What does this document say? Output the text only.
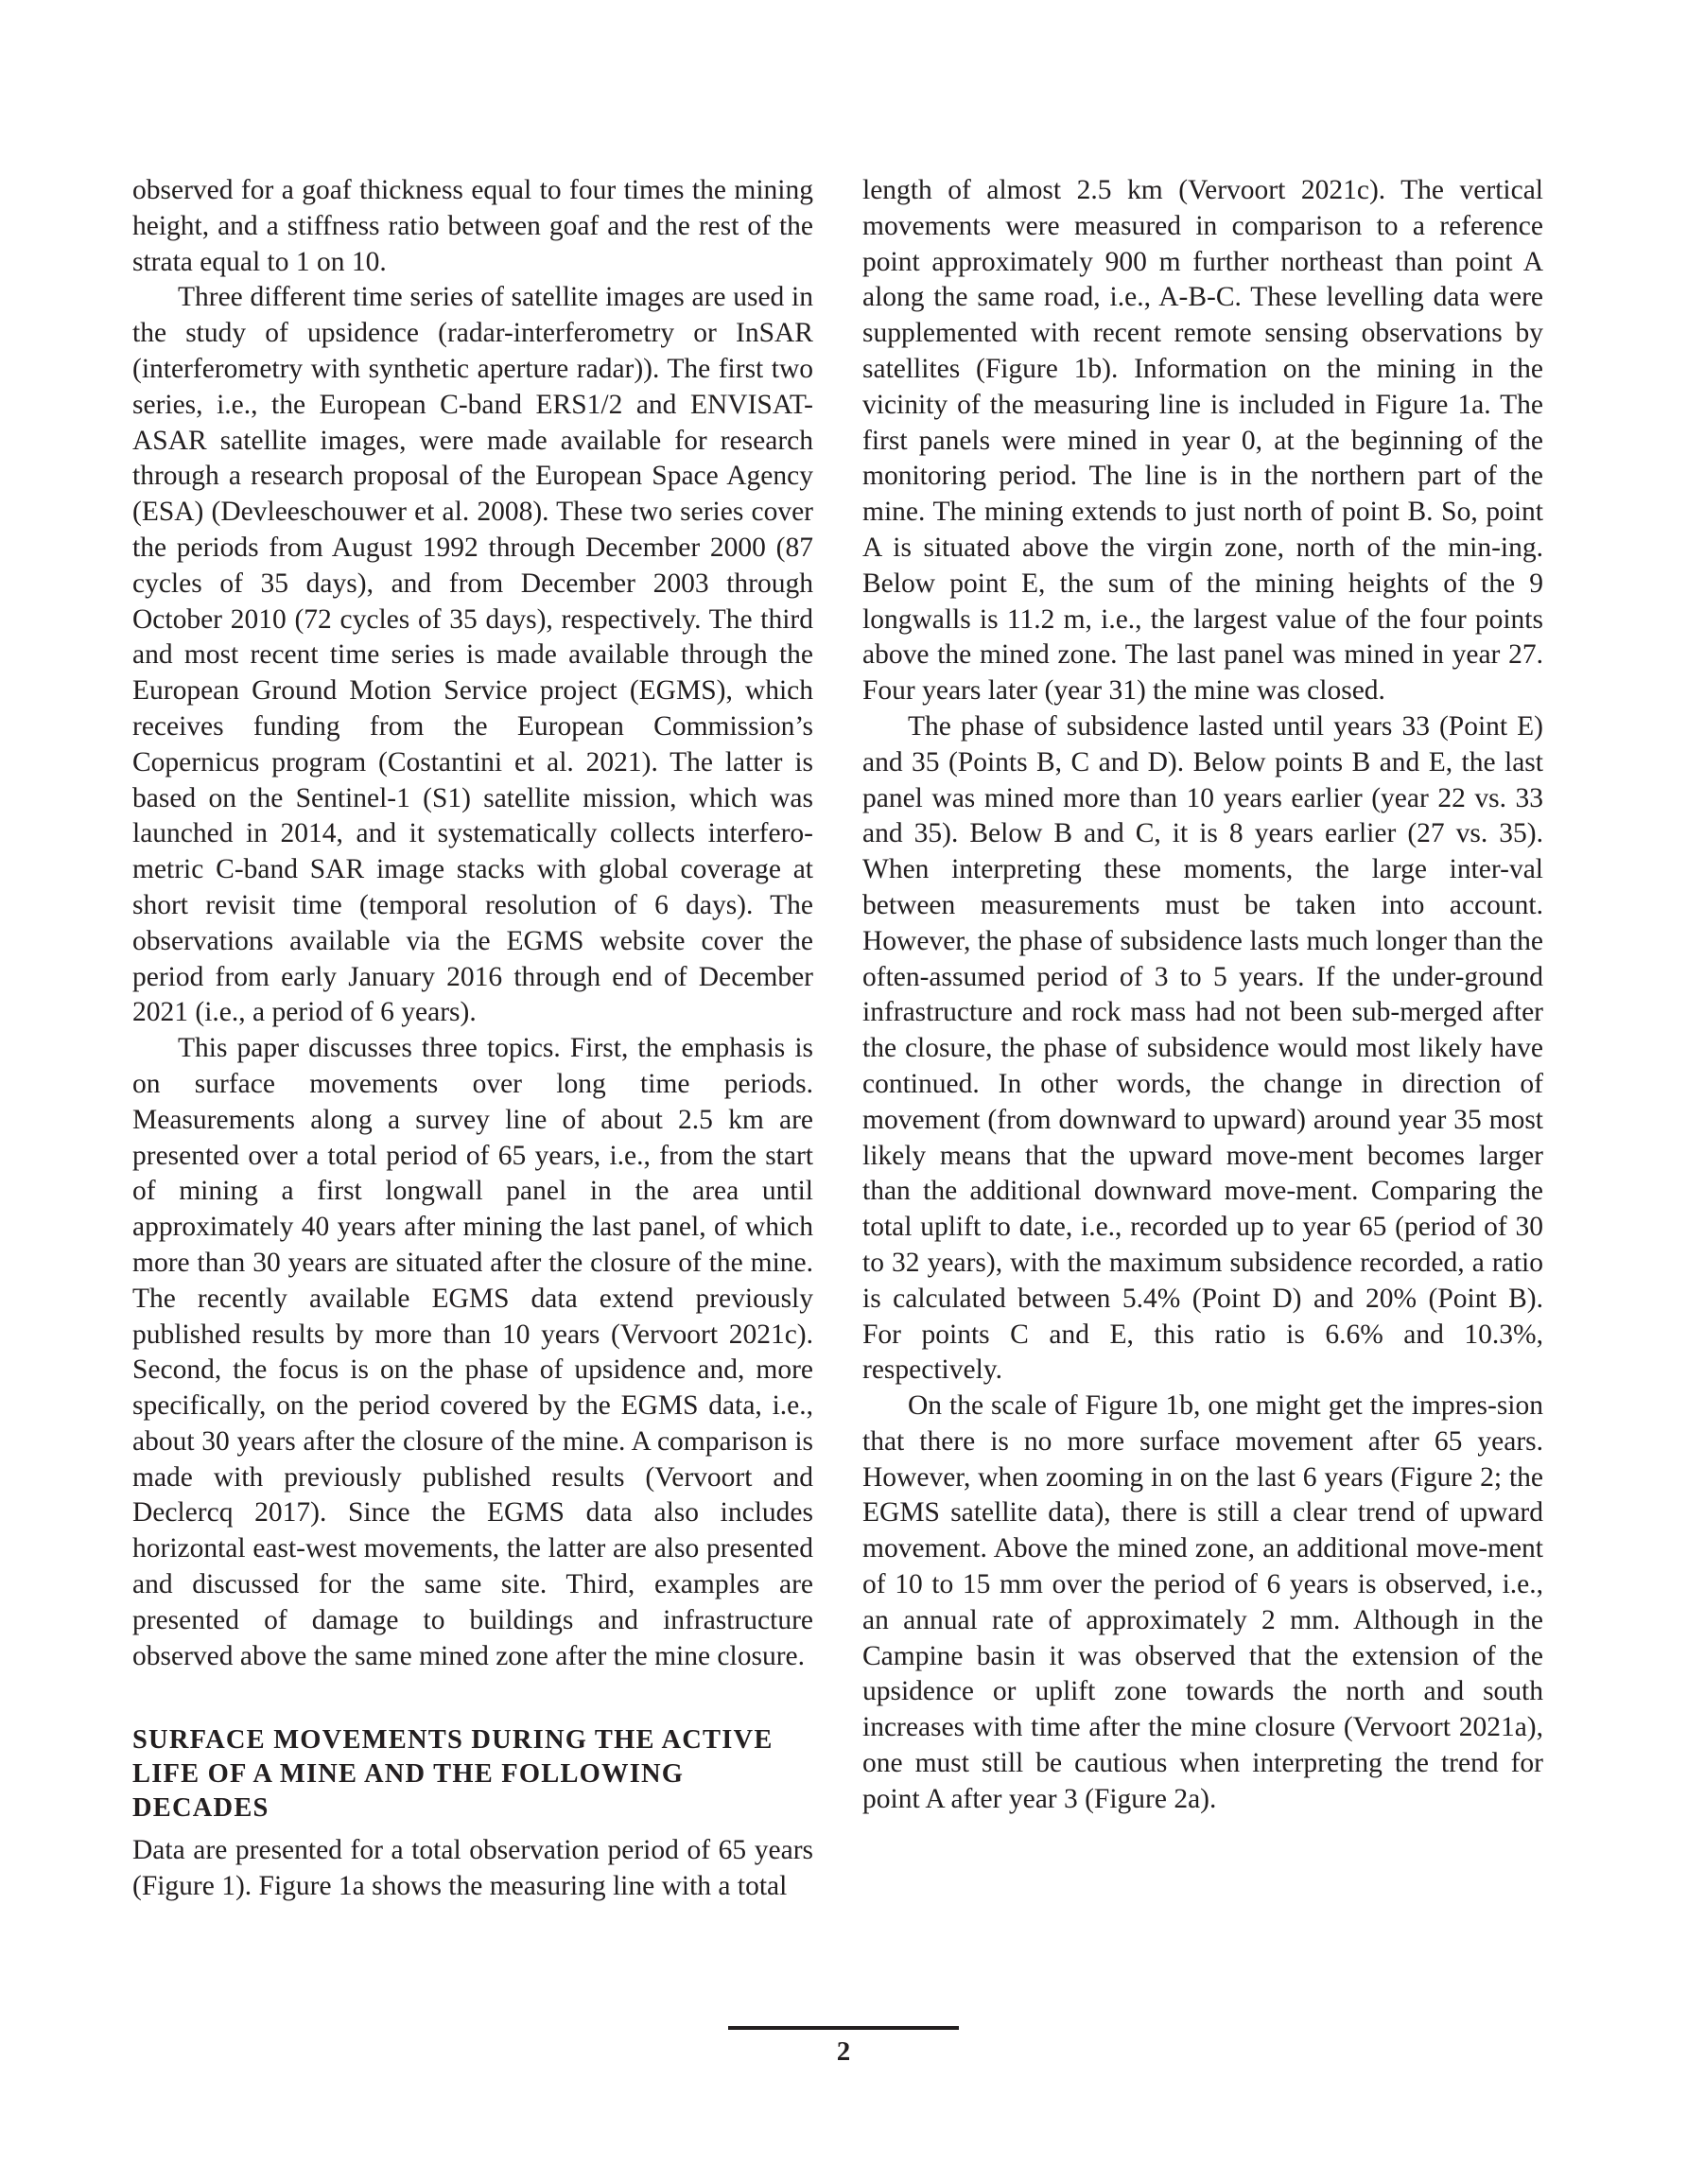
observed for a goaf thickness equal to four times the mining height, and a stiffness ratio between goaf and the rest of the strata equal to 1 on 10.

Three different time series of satellite images are used in the study of upsidence (radar-interferometry or InSAR (interferometry with synthetic aperture radar)). The first two series, i.e., the European C-band ERS1/2 and ENVISAT-ASAR satellite images, were made available for research through a research proposal of the European Space Agency (ESA) (Devleeschouwer et al. 2008). These two series cover the periods from August 1992 through December 2000 (87 cycles of 35 days), and from December 2003 through October 2010 (72 cycles of 35 days), respectively. The third and most recent time series is made available through the European Ground Motion Service project (EGMS), which receives funding from the European Commission’s Copernicus program (Costantini et al. 2021). The latter is based on the Sentinel-1 (S1) satellite mission, which was launched in 2014, and it systematically collects interfero-metric C-band SAR image stacks with global coverage at short revisit time (temporal resolution of 6 days). The observations available via the EGMS website cover the period from early January 2016 through end of December 2021 (i.e., a period of 6 years).

This paper discusses three topics. First, the emphasis is on surface movements over long time periods. Measurements along a survey line of about 2.5 km are presented over a total period of 65 years, i.e., from the start of mining a first longwall panel in the area until approximately 40 years after mining the last panel, of which more than 30 years are situated after the closure of the mine. The recently available EGMS data extend previously published results by more than 10 years (Vervoort 2021c). Second, the focus is on the phase of upsidence and, more specifically, on the period covered by the EGMS data, i.e., about 30 years after the closure of the mine. A comparison is made with previously published results (Vervoort and Declercq 2017). Since the EGMS data also includes horizontal east-west movements, the latter are also presented and discussed for the same site. Third, examples are presented of damage to buildings and infrastructure observed above the same mined zone after the mine closure.

SURFACE MOVEMENTS DURING THE ACTIVE LIFE OF A MINE AND THE FOLLOWING DECADES

Data are presented for a total observation period of 65 years (Figure 1). Figure 1a shows the measuring line with a total

length of almost 2.5 km (Vervoort 2021c). The vertical movements were measured in comparison to a reference point approximately 900 m further northeast than point A along the same road, i.e., A-B-C. These levelling data were supplemented with recent remote sensing observations by satellites (Figure 1b). Information on the mining in the vicinity of the measuring line is included in Figure 1a. The first panels were mined in year 0, at the beginning of the monitoring period. The line is in the northern part of the mine. The mining extends to just north of point B. So, point A is situated above the virgin zone, north of the min-ing. Below point E, the sum of the mining heights of the 9 longwalls is 11.2 m, i.e., the largest value of the four points above the mined zone. The last panel was mined in year 27. Four years later (year 31) the mine was closed.

The phase of subsidence lasted until years 33 (Point E) and 35 (Points B, C and D). Below points B and E, the last panel was mined more than 10 years earlier (year 22 vs. 33 and 35). Below B and C, it is 8 years earlier (27 vs. 35). When interpreting these moments, the large inter-val between measurements must be taken into account. However, the phase of subsidence lasts much longer than the often-assumed period of 3 to 5 years. If the under-ground infrastructure and rock mass had not been sub-merged after the closure, the phase of subsidence would most likely have continued. In other words, the change in direction of movement (from downward to upward) around year 35 most likely means that the upward move-ment becomes larger than the additional downward move-ment. Comparing the total uplift to date, i.e., recorded up to year 65 (period of 30 to 32 years), with the maximum subsidence recorded, a ratio is calculated between 5.4% (Point D) and 20% (Point B). For points C and E, this ratio is 6.6% and 10.3%, respectively.

On the scale of Figure 1b, one might get the impres-sion that there is no more surface movement after 65 years. However, when zooming in on the last 6 years (Figure 2; the EGMS satellite data), there is still a clear trend of upward movement. Above the mined zone, an additional move-ment of 10 to 15 mm over the period of 6 years is observed, i.e., an annual rate of approximately 2 mm. Although in the Campine basin it was observed that the extension of the upsidence or uplift zone towards the north and south increases with time after the mine closure (Vervoort 2021a), one must still be cautious when interpreting the trend for point A after year 3 (Figure 2a).

2
